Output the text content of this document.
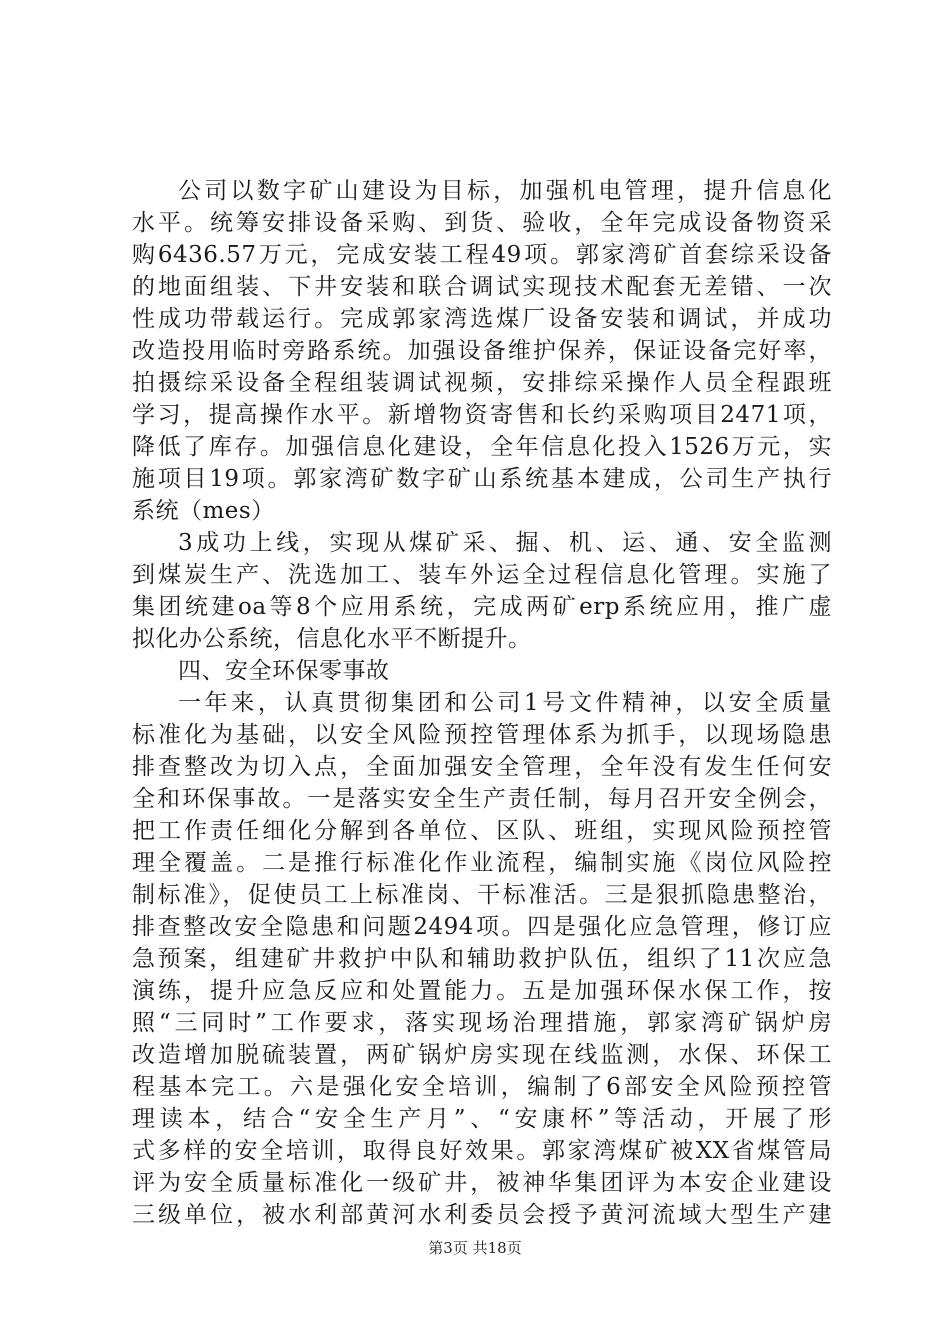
公司以数字矿山建设为目标，加强机电管理，提升信息化
水平。统筹安排设备采购、到货、验收，全年完成设备物资采
购6436.57万元，完成安装工程49项。郭家湾矿首套综采设备
的地面组装、下井安装和联合调试实现技术配套无差错、一次
性成功带载运行。完成郭家湾选煤厂设备安装和调试，并成功
改造投用临时旁路系统。加强设备维护保养，保证设备完好率，
拍摄综采设备全程组装调试视频，安排综采操作人员全程跟班
学习，提高操作水平。新增物资寄售和长约采购项目2471项，
降低了库存。加强信息化建设，全年信息化投入1526万元，实
施项目19项。郭家湾矿数字矿山系统基本建成，公司生产执行
系统（mes）
3成功上线，实现从煤矿采、掘、机、运、通、安全监测
到煤炭生产、洗选加工、装车外运全过程信息化管理。实施了
集团统建oa等8个应用系统，完成两矿erp系统应用，推广虚
拟化办公系统，信息化水平不断提升。
四、安全环保零事故
一年来，认真贯彻集团和公司1号文件精神，以安全质量
标准化为基础，以安全风险预控管理体系为抓手，以现场隐患
排查整改为切入点，全面加强安全管理，全年没有发生任何安
全和环保事故。一是落实安全生产责任制，每月召开安全例会，
把工作责任细化分解到各单位、区队、班组，实现风险预控管
理全覆盖。二是推行标准化作业流程，编制实施《岗位风险控
制标准》，促使员工上标准岗、干标准活。三是狠抓隐患整治，
排查整改安全隐患和问题2494项。四是强化应急管理，修订应
急预案，组建矿井救护中队和辅助救护队伍，组织了11次应急
演练，提升应急反应和处置能力。五是加强环保水保工作，按
照“三同时”工作要求，落实现场治理措施，郭家湾矿锅炉房
改造增加脱硫装置，两矿锅炉房实现在线监测，水保、环保工
程基本完工。六是强化安全培训，编制了6部安全风险预控管
理读本，结合“安全生产月”、“安康杯”等活动，开展了形
式多样的安全培训，取得良好效果。郭家湾煤矿被XX省煤管局
评为安全质量标准化一级矿井，被神华集团评为本安企业建设
三级单位，被水利部黄河水利委员会授予黄河流域大型生产建
第3页 共18页
